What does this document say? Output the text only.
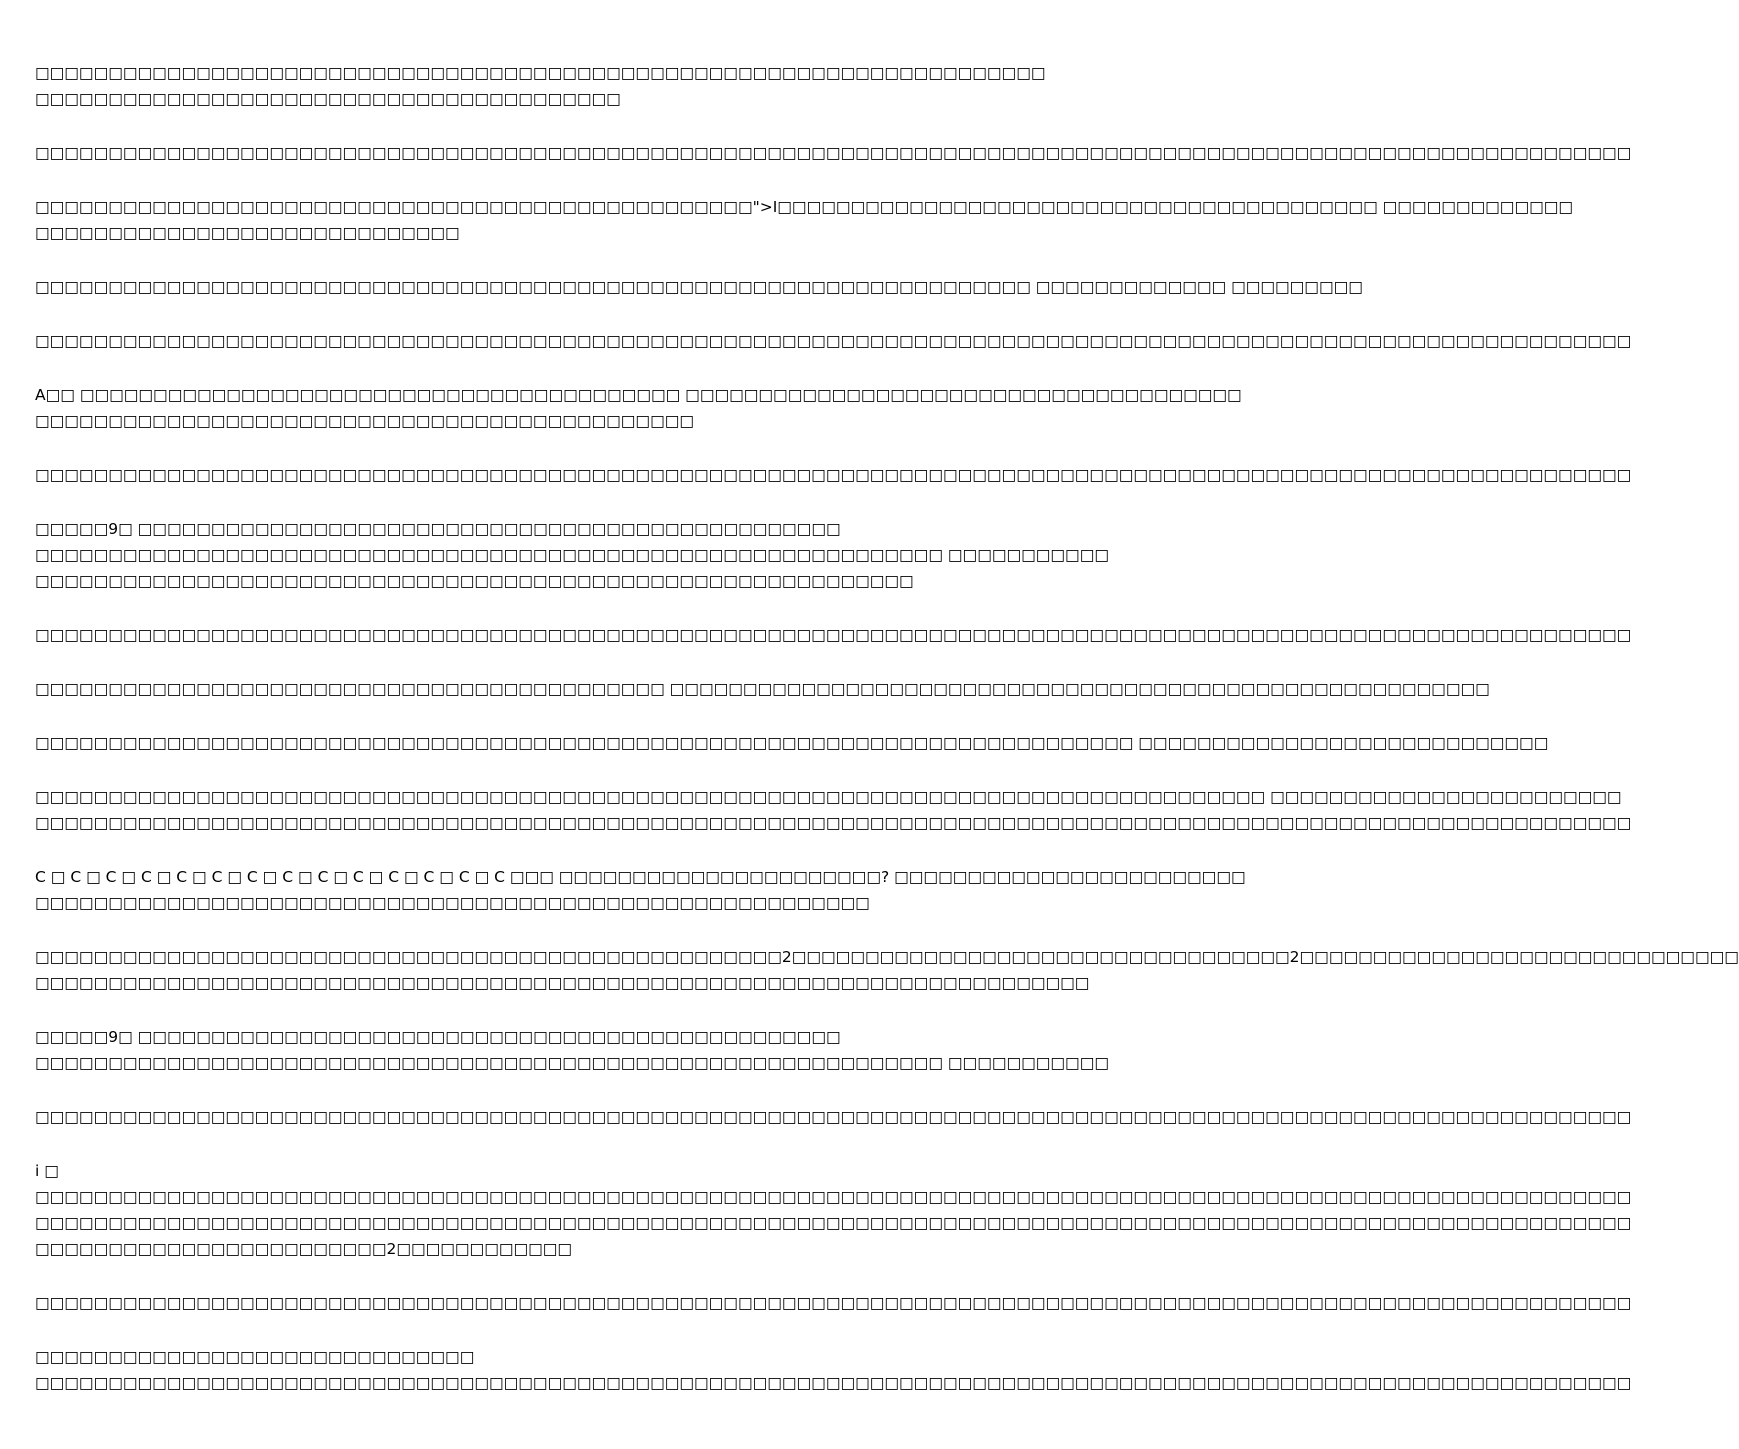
□□□□□□□□□□□□□□□□□□□□□□□□□□□□□□□□□□□□□□□□□□□□□□□□□□□□□□□□□□□□□□□□□□□□□
□□□□□□□□□□□□□□□□□□□□□□□□□□□□□□□□□□□□□□□□
□□□□□□□□□□□□□□□□□□□□□□□□□□□□□□□□□□□□□□□□□□□□□□□□□□□□□□□□□□□□□□□□□□□□□□□□□□□□□□□□□□□□□□□□□□□□□□□□□□□□□□□□□□□□□
□□□□□□□□□□□□□□□□□□□□□□□□□□□□□□□□□□□□□□□□□□□□□□□□□">I□□□□□□□□□□□□□□□□□□□□□□□□□□□□□□□□□□□□□□□□□ □□□□□□□□□□□□□
□□□□□□□□□□□□□□□□□□□□□□□□□□□□□
□□□□□□□□□□□□□□□□□□□□□□□□□□□□□□□□□□□□□□□□□□□□□□□□□□□□□□□□□□□□□□□□□□□□ □□□□□□□□□□□□□ □□□□□□□□□
□□□□□□□□□□□□□□□□□□□□□□□□□□□□□□□□□□□□□□□□□□□□□□□□□□□□□□□□□□□□□□□□□□□□□□□□□□□□□□□□□□□□□□□□□□□□□□□□□□□□□□□□□□□□□
A□□ □□□□□□□□□□□□□□□□□□□□□□□□□□□□□□□□□□□□□□□□□ □□□□□□□□□□□□□□□□□□□□□□□□□□□□□□□□□□□□□□
□□□□□□□□□□□□□□□□□□□□□□□□□□□□□□□□□□□□□□□□□□□□□
□□□□□□□□□□□□□□□□□□□□□□□□□□□□□□□□□□□□□□□□□□□□□□□□□□□□□□□□□□□□□□□□□□□□□□□□□□□□□□□□□□□□□□□□□□□□□□□□□□□□□□□□□□□□□
□□□□□9□ □□□□□□□□□□□□□□□□□□□□□□□□□□□□□□□□□□□□□□□□□□□□□□□□
□□□□□□□□□□□□□□□□□□□□□□□□□□□□□□□□□□□□□□□□□□□□□□□□□□□□□□□□□□□□□□ □□□□□□□□□□□
□□□□□□□□□□□□□□□□□□□□□□□□□□□□□□□□□□□□□□□□□□□□□□□□□□□□□□□□□□□□
□□□□□□□□□□□□□□□□□□□□□□□□□□□□□□□□□□□□□□□□□□□□□□□□□□□□□□□□□□□□□□□□□□□□□□□□□□□□□□□□□□□□□□□□□□□□□□□□□□□□□□□□□□□□□
□□□□□□□□□□□□□□□□□□□□□□□□□□□□□□□□□□□□□□□□□□□ □□□□□□□□□□□□□□□□□□□□□□□□□□□□□□□□□□□□□□□□□□□□□□□□□□□□□□□□
□□□□□□□□□□□□□□□□□□□□□□□□□□□□□□□□□□□□□□□□□□□□□□□□□□□□□□□□□□□□□□□□□□□□□□□□□□□ □□□□□□□□□□□□□□□□□□□□□□□□□□□□
□□□□□□□□□□□□□□□□□□□□□□□□□□□□□□□□□□□□□□□□□□□□□□□□□□□□□□□□□□□□□□□□□□□□□□□□□□□□□□□□□□□□ □□□□□□□□□□□□□□□□□□□□□□□□
□□□□□□□□□□□□□□□□□□□□□□□□□□□□□□□□□□□□□□□□□□□□□□□□□□□□□□□□□□□□□□□□□□□□□□□□□□□□□□□□□□□□□□□□□□□□□□□□□□□□□□□□□□□□□
C □ C □ C □ C □ C □ C □ C □ C □ C □ C □ C □ C □ C □ C □□□ □□□□□□□□□□□□□□□□□□□□□□? □□□□□□□□□□□□□□□□□□□□□□□□
□□□□□□□□□□□□□□□□□□□□□□□□□□□□□□□□□□□□□□□□□□□□□□□□□□□□□□□□□
□□□□□□□□□□□□□□□□□□□□□□□□□□□□□□□□□□□□□□□□□□□□□□□□□□□2□□□□□□□□□□□□□□□□□□□□□□□□□□□□□□□□□□2□□□□□□□□□□□□□□□□□□□□□□□□□□□□□□
□□□□□□□□□□□□□□□□□□□□□□□□□□□□□□□□□□□□□□□□□□□□□□□□□□□□□□□□□□□□□□□□□□□□□□□□
□□□□□9□ □□□□□□□□□□□□□□□□□□□□□□□□□□□□□□□□□□□□□□□□□□□□□□□□
□□□□□□□□□□□□□□□□□□□□□□□□□□□□□□□□□□□□□□□□□□□□□□□□□□□□□□□□□□□□□□ □□□□□□□□□□□
□□□□□□□□□□□□□□□□□□□□□□□□□□□□□□□□□□□□□□□□□□□□□□□□□□□□□□□□□□□□□□□□□□□□□□□□□□□□□□□□□□□□□□□□□□□□□□□□□□□□□□□□□□□□□
i □
□□□□□□□□□□□□□□□□□□□□□□□□□□□□□□□□□□□□□□□□□□□□□□□□□□□□□□□□□□□□□□□□□□□□□□□□□□□□□□□□□□□□□□□□□□□□□□□□□□□□□□□□□□□□□
□□□□□□□□□□□□□□□□□□□□□□□□□□□□□□□□□□□□□□□□□□□□□□□□□□□□□□□□□□□□□□□□□□□□□□□□□□□□□□□□□□□□□□□□□□□□□□□□□□□□□□□□□□□□□
□□□□□□□□□□□□□□□□□□□□□□□□2□□□□□□□□□□□□
□□□□□□□□□□□□□□□□□□□□□□□□□□□□□□□□□□□□□□□□□□□□□□□□□□□□□□□□□□□□□□□□□□□□□□□□□□□□□□□□□□□□□□□□□□□□□□□□□□□□□□□□□□□□□
□□□□□□□□□□□□□□□□□□□□□□□□□□□□□□
□□□□□□□□□□□□□□□□□□□□□□□□□□□□□□□□□□□□□□□□□□□□□□□□□□□□□□□□□□□□□□□□□□□□□□□□□□□□□□□□□□□□□□□□□□□□□□□□□□□□□□□□□□□□□
